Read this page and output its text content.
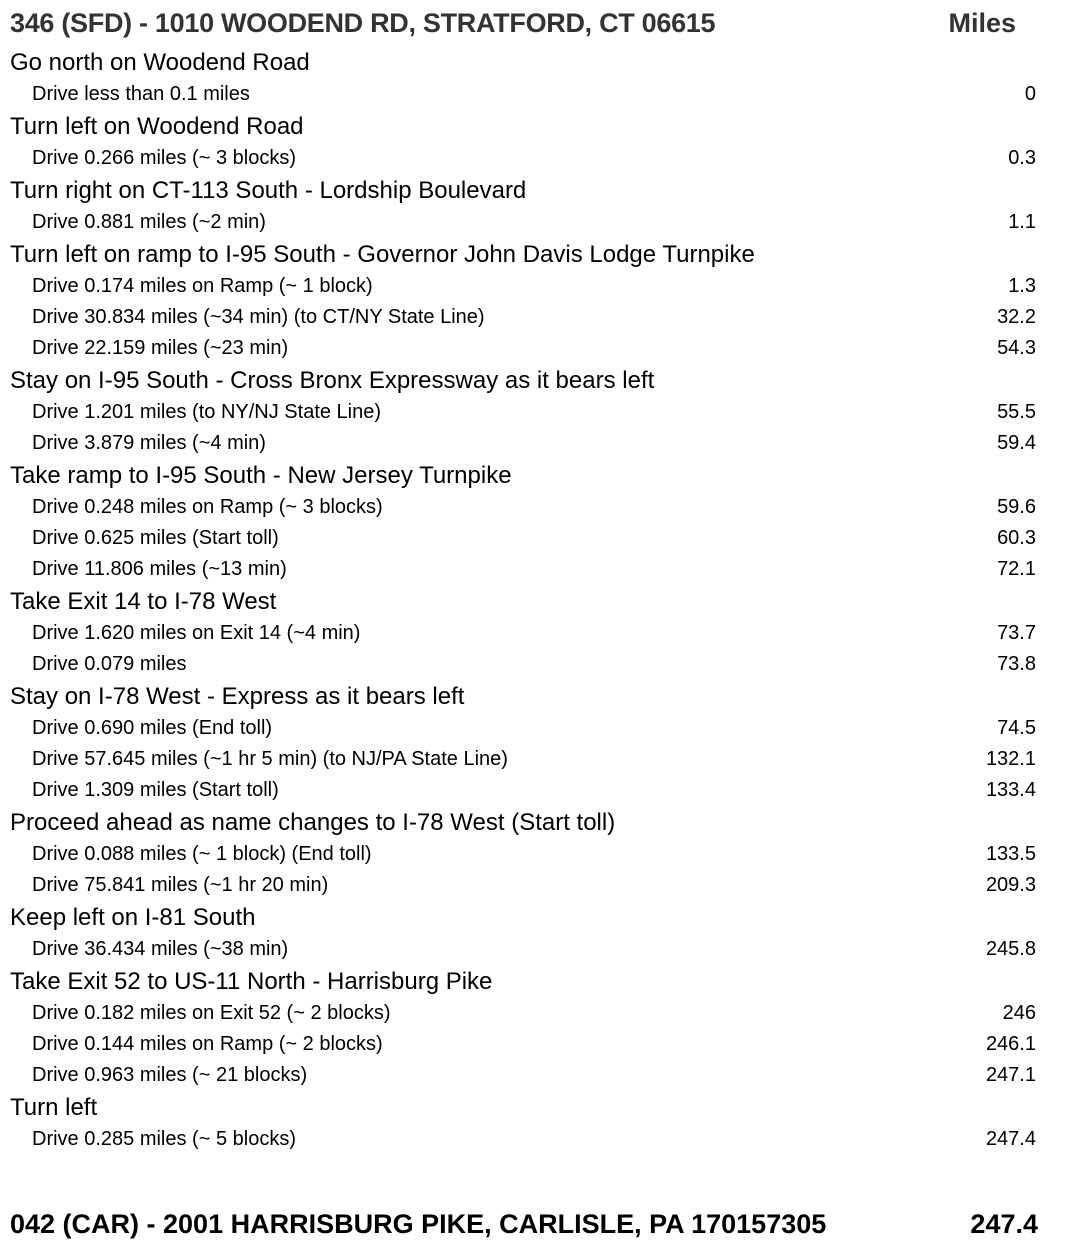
346 (SFD) - 1010 WOODEND RD, STRATFORD, CT 06615	Miles
Go north on Woodend Road
Drive less than 0.1 miles	0
Turn left on Woodend Road
Drive 0.266 miles (~ 3 blocks)	0.3
Turn right on CT-113 South - Lordship Boulevard
Drive 0.881 miles (~2 min)	1.1
Turn left on ramp to I-95 South - Governor John Davis Lodge Turnpike
Drive 0.174 miles on Ramp (~ 1 block)	1.3
Drive 30.834 miles (~34 min) (to CT/NY State Line)	32.2
Drive 22.159 miles (~23 min)	54.3
Stay on I-95 South - Cross Bronx Expressway as it bears left
Drive 1.201 miles (to NY/NJ State Line)	55.5
Drive 3.879 miles (~4 min)	59.4
Take ramp to I-95 South - New Jersey Turnpike
Drive 0.248 miles on Ramp (~ 3 blocks)	59.6
Drive 0.625 miles (Start toll)	60.3
Drive 11.806 miles (~13 min)	72.1
Take Exit 14 to I-78 West
Drive 1.620 miles on Exit 14 (~4 min)	73.7
Drive 0.079 miles	73.8
Stay on I-78 West - Express as it bears left
Drive 0.690 miles (End toll)	74.5
Drive 57.645 miles (~1 hr 5 min) (to NJ/PA State Line)	132.1
Drive 1.309 miles (Start toll)	133.4
Proceed ahead as name changes to I-78 West (Start toll)
Drive 0.088 miles (~ 1 block) (End toll)	133.5
Drive 75.841 miles (~1 hr 20 min)	209.3
Keep left on I-81 South
Drive 36.434 miles (~38 min)	245.8
Take Exit 52 to US-11 North - Harrisburg Pike
Drive 0.182 miles on Exit 52 (~ 2 blocks)	246
Drive 0.144 miles on Ramp (~ 2 blocks)	246.1
Drive 0.963 miles (~ 21 blocks)	247.1
Turn left
Drive 0.285 miles (~ 5 blocks)	247.4
042 (CAR) - 2001 HARRISBURG PIKE, CARLISLE, PA 170157305	247.4
